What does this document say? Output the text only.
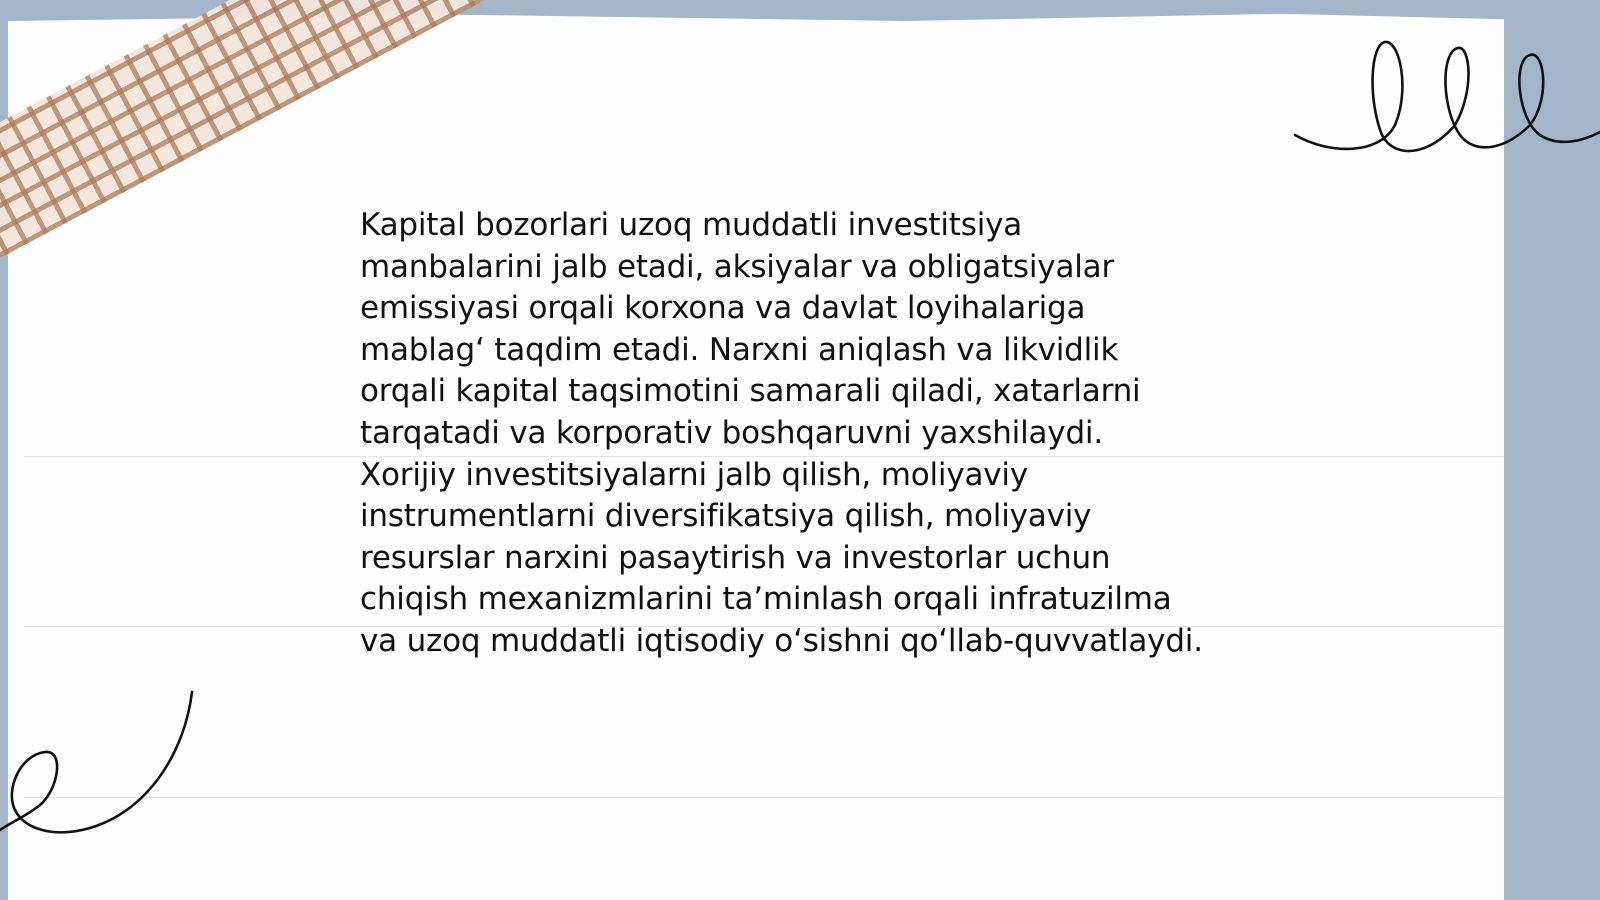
Kapital bozorlari uzoq muddatli investitsiya
manbalarini jalb etadi, aksiyalar va obligatsiyalar
emissiyasi orqali korxona va davlat loyihalariga
mablagʻ taqdim etadi. Narxni aniqlash va likvidlik
orqali kapital taqsimotini samarali qiladi, xatarlarni
tarqatadi va korporativ boshqaruvni yaxshilaydi.
Xorijiy investitsiyalarni jalb qilish, moliyaviy
instrumentlarni diversifikatsiya qilish, moliyaviy
resurslar narxini pasaytirish va investorlar uchun
chiqish mexanizmlarini taʼminlash orqali infratuzilma
va uzoq muddatli iqtisodiy oʻsishni qoʻllab-quvvatlaydi.
